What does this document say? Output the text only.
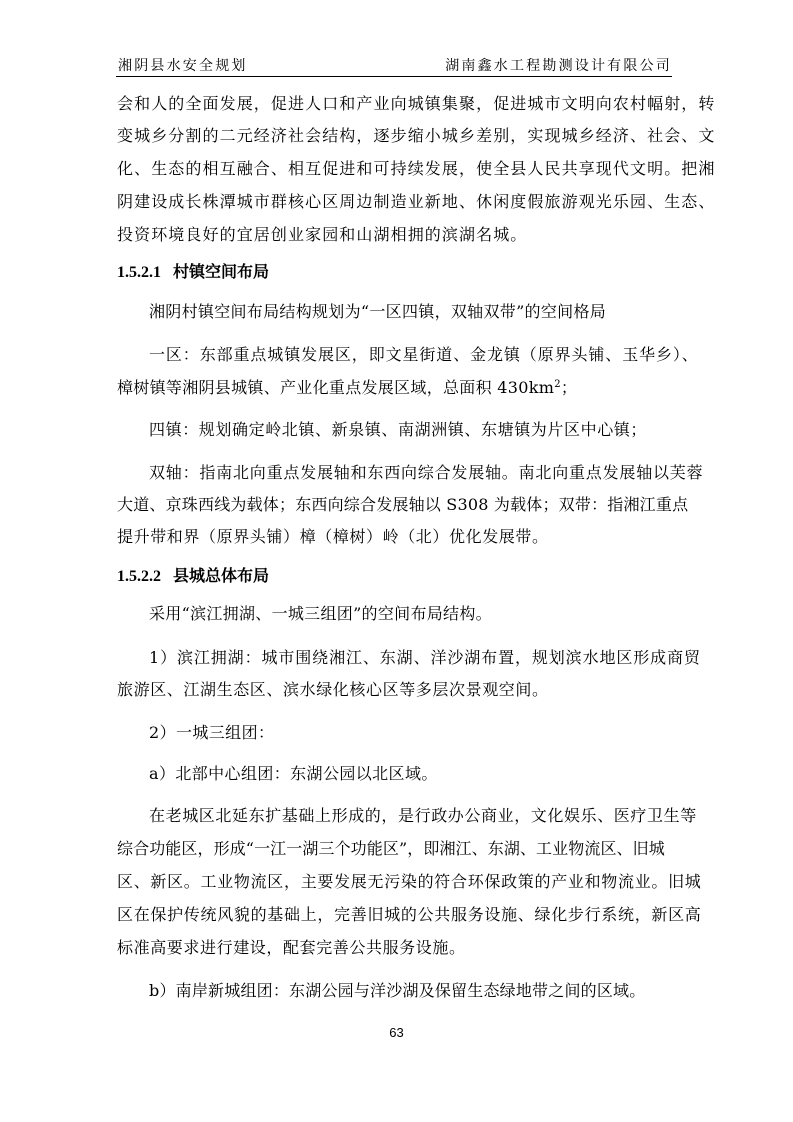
湘阴县水安全规划	湖南鑫水工程勘测设计有限公司
会和人的全面发展，促进人口和产业向城镇集聚，促进城市文明向农村幅射，转
变城乡分割的二元经济社会结构，逐步缩小城乡差别，实现城乡经济、社会、文
化、生态的相互融合、相互促进和可持续发展，使全县人民共享现代文明。把湘
阴建设成长株潭城市群核心区周边制造业新地、休闲度假旅游观光乐园、生态、
投资环境良好的宜居创业家园和山湖相拥的滨湖名城。
1.5.2.1 村镇空间布局
湘阴村镇空间布局结构规划为“一区四镇，双轴双带”的空间格局
一区：东部重点城镇发展区，即文星街道、金龙镇（原界头铺、玉华乡）、
樟树镇等湘阴县城镇、产业化重点发展区域，总面积 $430km^2$；
四镇：规划确定岭北镇、新泉镇、南湖洲镇、东塘镇为片区中心镇；
双轴：指南北向重点发展轴和东西向综合发展轴。南北向重点发展轴以芙蓉
大道、京珠西线为载体；东西向综合发展轴以 S308 为载体；双带：指湘江重点
提升带和界（原界头铺）樟（樟树）岭（北）优化发展带。
1.5.2.2 县城总体布局
采用“滨江拥湖、一城三组团”的空间布局结构。
1）滨江拥湖：城市围绕湘江、东湖、洋沙湖布置，规划滨水地区形成商贸
旅游区、江湖生态区、滨水绿化核心区等多层次景观空间。
2）一城三组团：
a）北部中心组团：东湖公园以北区域。
在老城区北延东扩基础上形成的，是行政办公商业，文化娱乐、医疗卫生等
综合功能区，形成“一江一湖三个功能区”，即湘江、东湖、工业物流区、旧城
区、新区。工业物流区，主要发展无污染的符合环保政策的产业和物流业。旧城
区在保护传统风貌的基础上，完善旧城的公共服务设施、绿化步行系统，新区高
标准高要求进行建设，配套完善公共服务设施。
b）南岸新城组团：东湖公园与洋沙湖及保留生态绿地带之间的区域。
63
